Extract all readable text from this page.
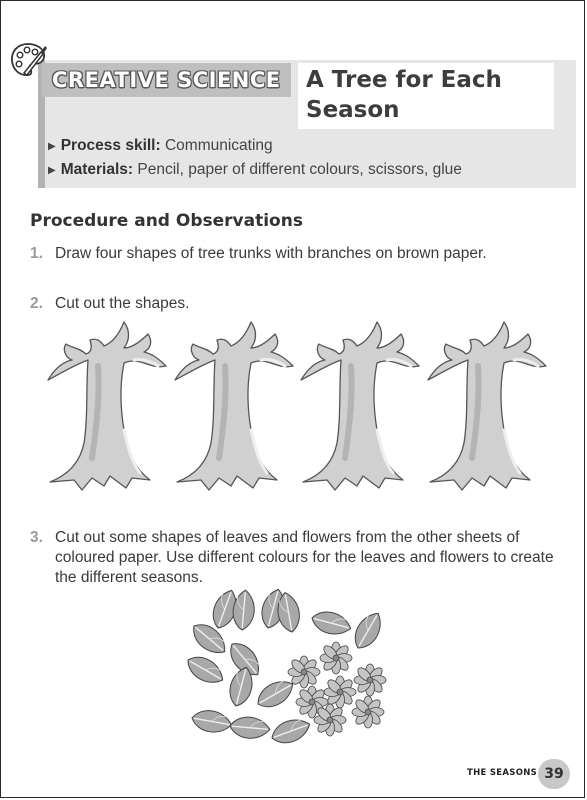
CREATIVE SCIENCE	A Tree for Each Season
▶ Process skill: Communicating
▶ Materials: Pencil, paper of different colours, scissors, glue
Procedure and Observations
1. Draw four shapes of tree trunks with branches on brown paper.
2. Cut out the shapes.
3. Cut out some shapes of leaves and flowers from the other sheets of coloured paper. Use different colours for the leaves and flowers to create the different seasons.
THE SEASONS 39
